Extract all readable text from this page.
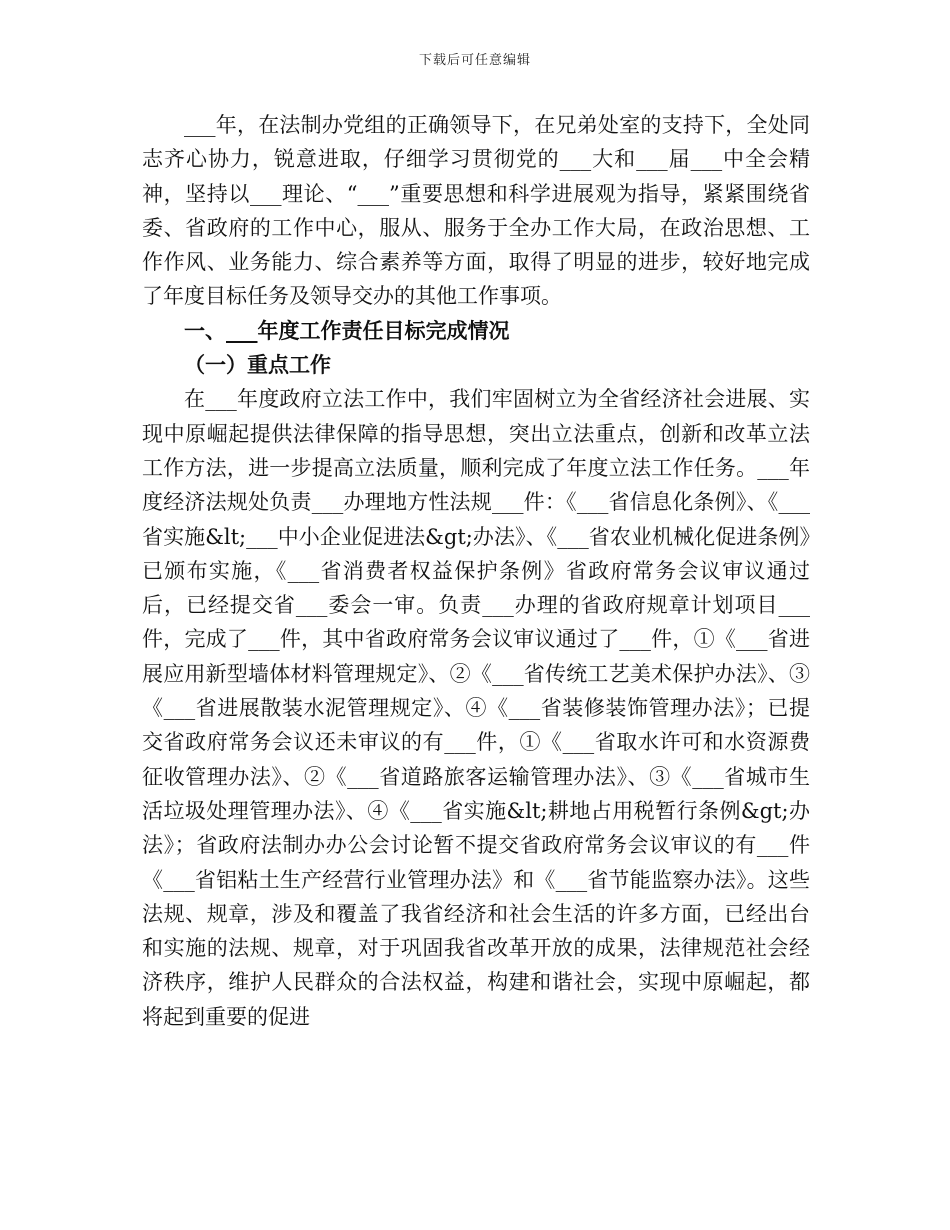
下载后可任意编辑

___年，在法制办党组的正确领导下，在兄弟处室的支持下，全处同志齐心协力，锐意进取，仔细学习贯彻党的___大和___届___中全会精神，坚持以___理论、“___”重要思想和科学进展观为指导，紧紧围绕省委、省政府的工作中心，服从、服务于全办工作大局，在政治思想、工作作风、业务能力、综合素养等方面，取得了明显的进步，较好地完成了年度目标任务及领导交办的其他工作事项。

一、___年度工作责任目标完成情况

（一）重点工作

在___年度政府立法工作中，我们牢固树立为全省经济社会进展、实现中原崛起提供法律保障的指导思想，突出立法重点，创新和改革立法工作方法，进一步提高立法质量，顺利完成了年度立法工作任务。___年度经济法规处负责___办理地方性法规___件：《___省信息化条例》、《___省实施&lt;___中小企业促进法&gt;办法》、《___省农业机械化促进条例》已颁布实施，《___省消费者权益保护条例》省政府常务会议审议通过后，已经提交省___委会一审。负责___办理的省政府规章计划项目___件，完成了___件，其中省政府常务会议审议通过了___件，①《___省进展应用新型墙体材料管理规定》、②《___省传统工艺美术保护办法》、③《___省进展散装水泥管理规定》、④《___省装修装饰管理办法》；已提交省政府常务会议还未审议的有___件，①《___省取水许可和水资源费征收管理办法》、②《___省道路旅客运输管理办法》、③《___省城市生活垃圾处理管理办法》、④《___省实施&lt;耕地占用税暂行条例&gt;办法》；省政府法制办办公会讨论暂不提交省政府常务会议审议的有___件《___省铝粘土生产经营行业管理办法》和《___省节能监察办法》。这些法规、规章，涉及和覆盖了我省经济和社会生活的许多方面，已经出台和实施的法规、规章，对于巩固我省改革开放的成果，法律规范社会经济秩序，维护人民群众的合法权益，构建和谐社会，实现中原崛起，都将起到重要的促进
